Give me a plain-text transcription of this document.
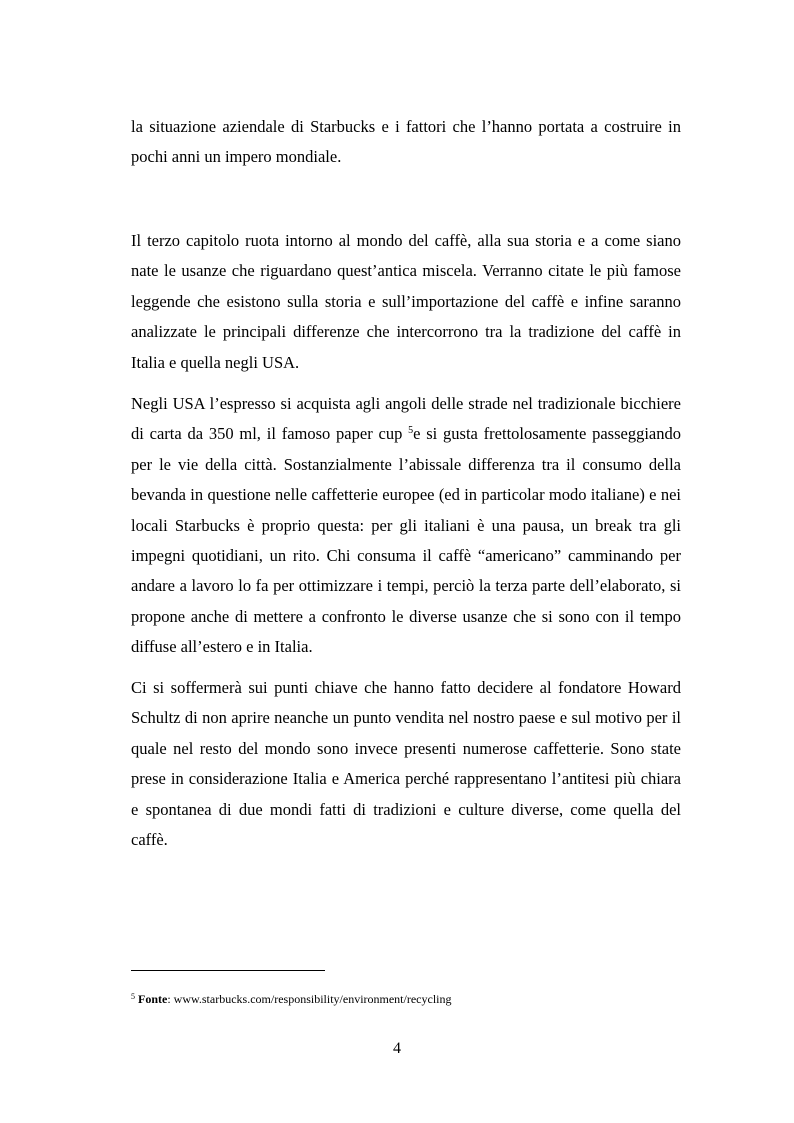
la situazione aziendale di Starbucks e i fattori che l’hanno portata a costruire in pochi anni un impero mondiale.

Il terzo capitolo ruota intorno al mondo del caffè, alla sua storia e a come siano nate le usanze che riguardano quest’antica miscela. Verranno citate le più famose leggende che esistono sulla storia e sull’importazione del caffè e infine saranno analizzate le principali differenze che intercorrono tra la tradizione del caffè in Italia e quella negli USA.

Negli USA l’espresso si acquista agli angoli delle strade nel tradizionale bicchiere di carta da 350 ml, il famoso paper cup $^5$e si gusta frettolosamente passeggiando per le vie della città. Sostanzialmente l’abissale differenza tra il consumo della bevanda in questione nelle caffetterie europee (ed in particolar modo italiane) e nei locali Starbucks è proprio questa: per gli italiani è una pausa, un break tra gli impegni quotidiani, un rito. Chi consuma il caffè “americano” camminando per andare a lavoro lo fa per ottimizzare i tempi, perciò la terza parte dell’elaborato, si propone anche di mettere a confronto le diverse usanze che si sono con il tempo diffuse all’estero e in Italia.

Ci si soffermerà sui punti chiave che hanno fatto decidere al fondatore Howard Schultz di non aprire neanche un punto vendita nel nostro paese e sul motivo per il quale nel resto del mondo sono invece presenti numerose caffetterie. Sono state prese in considerazione Italia e America perché rappresentano l’antitesi più chiara e spontanea di due mondi fatti di tradizioni e culture diverse, come quella del caffè.

$^5$ Fonte: www.starbucks.com/responsibility/environment/recycling

4
